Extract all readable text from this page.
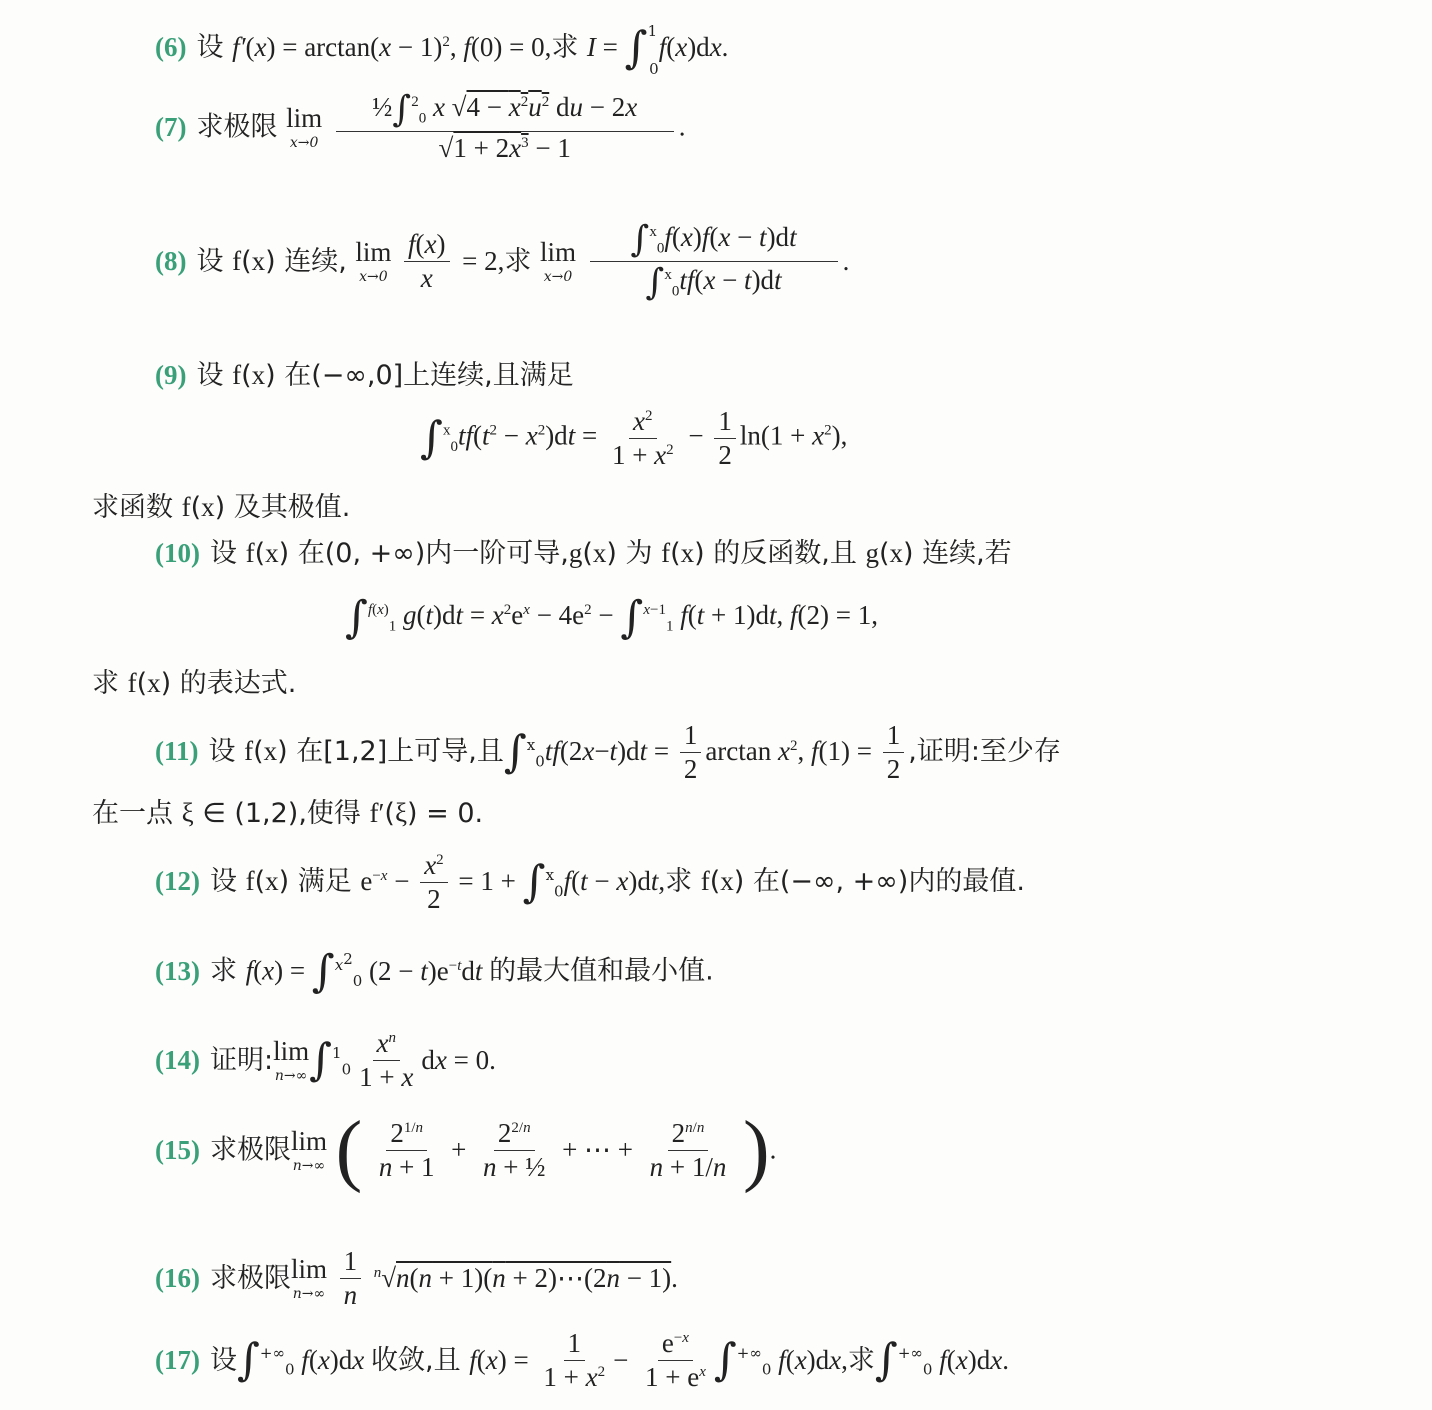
(6) 设 $f'(x) = \arctan(x - 1)^2$, f(0) = 0,求 I = ∫$^1_0$f(x)dx.
(7) 求极限 lim
x→0
$\frac{\frac{1}{2}\int^2_0 x √4 - x^2u^2 du - 2x}{√1 + 2x^3 - 1}$ .
(8) 设 f(x) 连续, lim
x→0
$\frac{f(x)}{x} = 2$,求 lim
x→0
$\frac{\int^x_0f(x)f(x - t)dt}{\int^x_0tf(x - t)dt}$ .
(9) 设 f(x) 在(−∞,0]上连续,且满足
$\int^x_0tf(t^2 - x^2)dt = \frac{x^2}{1 + x^2} - \frac{1}{2} \ln(1 + x^2)$,
求函数 f(x) 及其极值.
(10) 设 f(x) 在(0, +∞)内一阶可导,g(x) 为 f(x) 的反函数,且 g(x) 连续,若
∫$^{f(x)}_1$ $g(t)dt = x^2e^x - 4e^2 - \int^{x-1}_1$ f(t + 1)dt, f(2) = 1,
求 f(x) 的表达式.
(11) 设 f(x) 在[1,2]上可导,且$\int^x_0tf(2x-t)dt = \frac{1}{2}$ $\arctan x^2$, $f(1) = \frac{1}{2}$ ,证明:至少存
在一点 ξ ∈ (1,2),使得 f′(ξ) = 0.
(12) 设 f(x) 满足 $e^{-x} - \frac{x^2}{2} = 1 + \int^x_0f(t - x)dt$,求 f(x) 在(−∞, +∞)内的最值.
(13) 求 f(x) = ∫$^{x^2}_0$ $(2 - t)e^{-t}dt$ 的最大值和最小值.
(14) 证明: lim
n→∞ $\int^1_0 \frac{x^n}{1 + x}$ dx = 0.
(15) 求极限 lim
n→∞ ( $\frac{2^{1/n}}{n + 1} + \frac{2^{2/n}}{\text{n + ½}}$ + ⋯ + $\frac{2^{n/n}}{n + 1/n}$ ).
(16) 求极限 lim
n→∞
$\frac{1}{n} ^n√n(n + 1)(n$ + 2)⋯(2n − 1).
(17) 设$\int^{+\infty}_0$ f(x)dx 收敛,且 $f(x) = \frac{1}{1 + x^2} - \frac{e^{-x}}{1 + e^x} \int^{+\infty}_0$ f(x)dx,求$\int^{+\infty}_0$ f(x)dx.
